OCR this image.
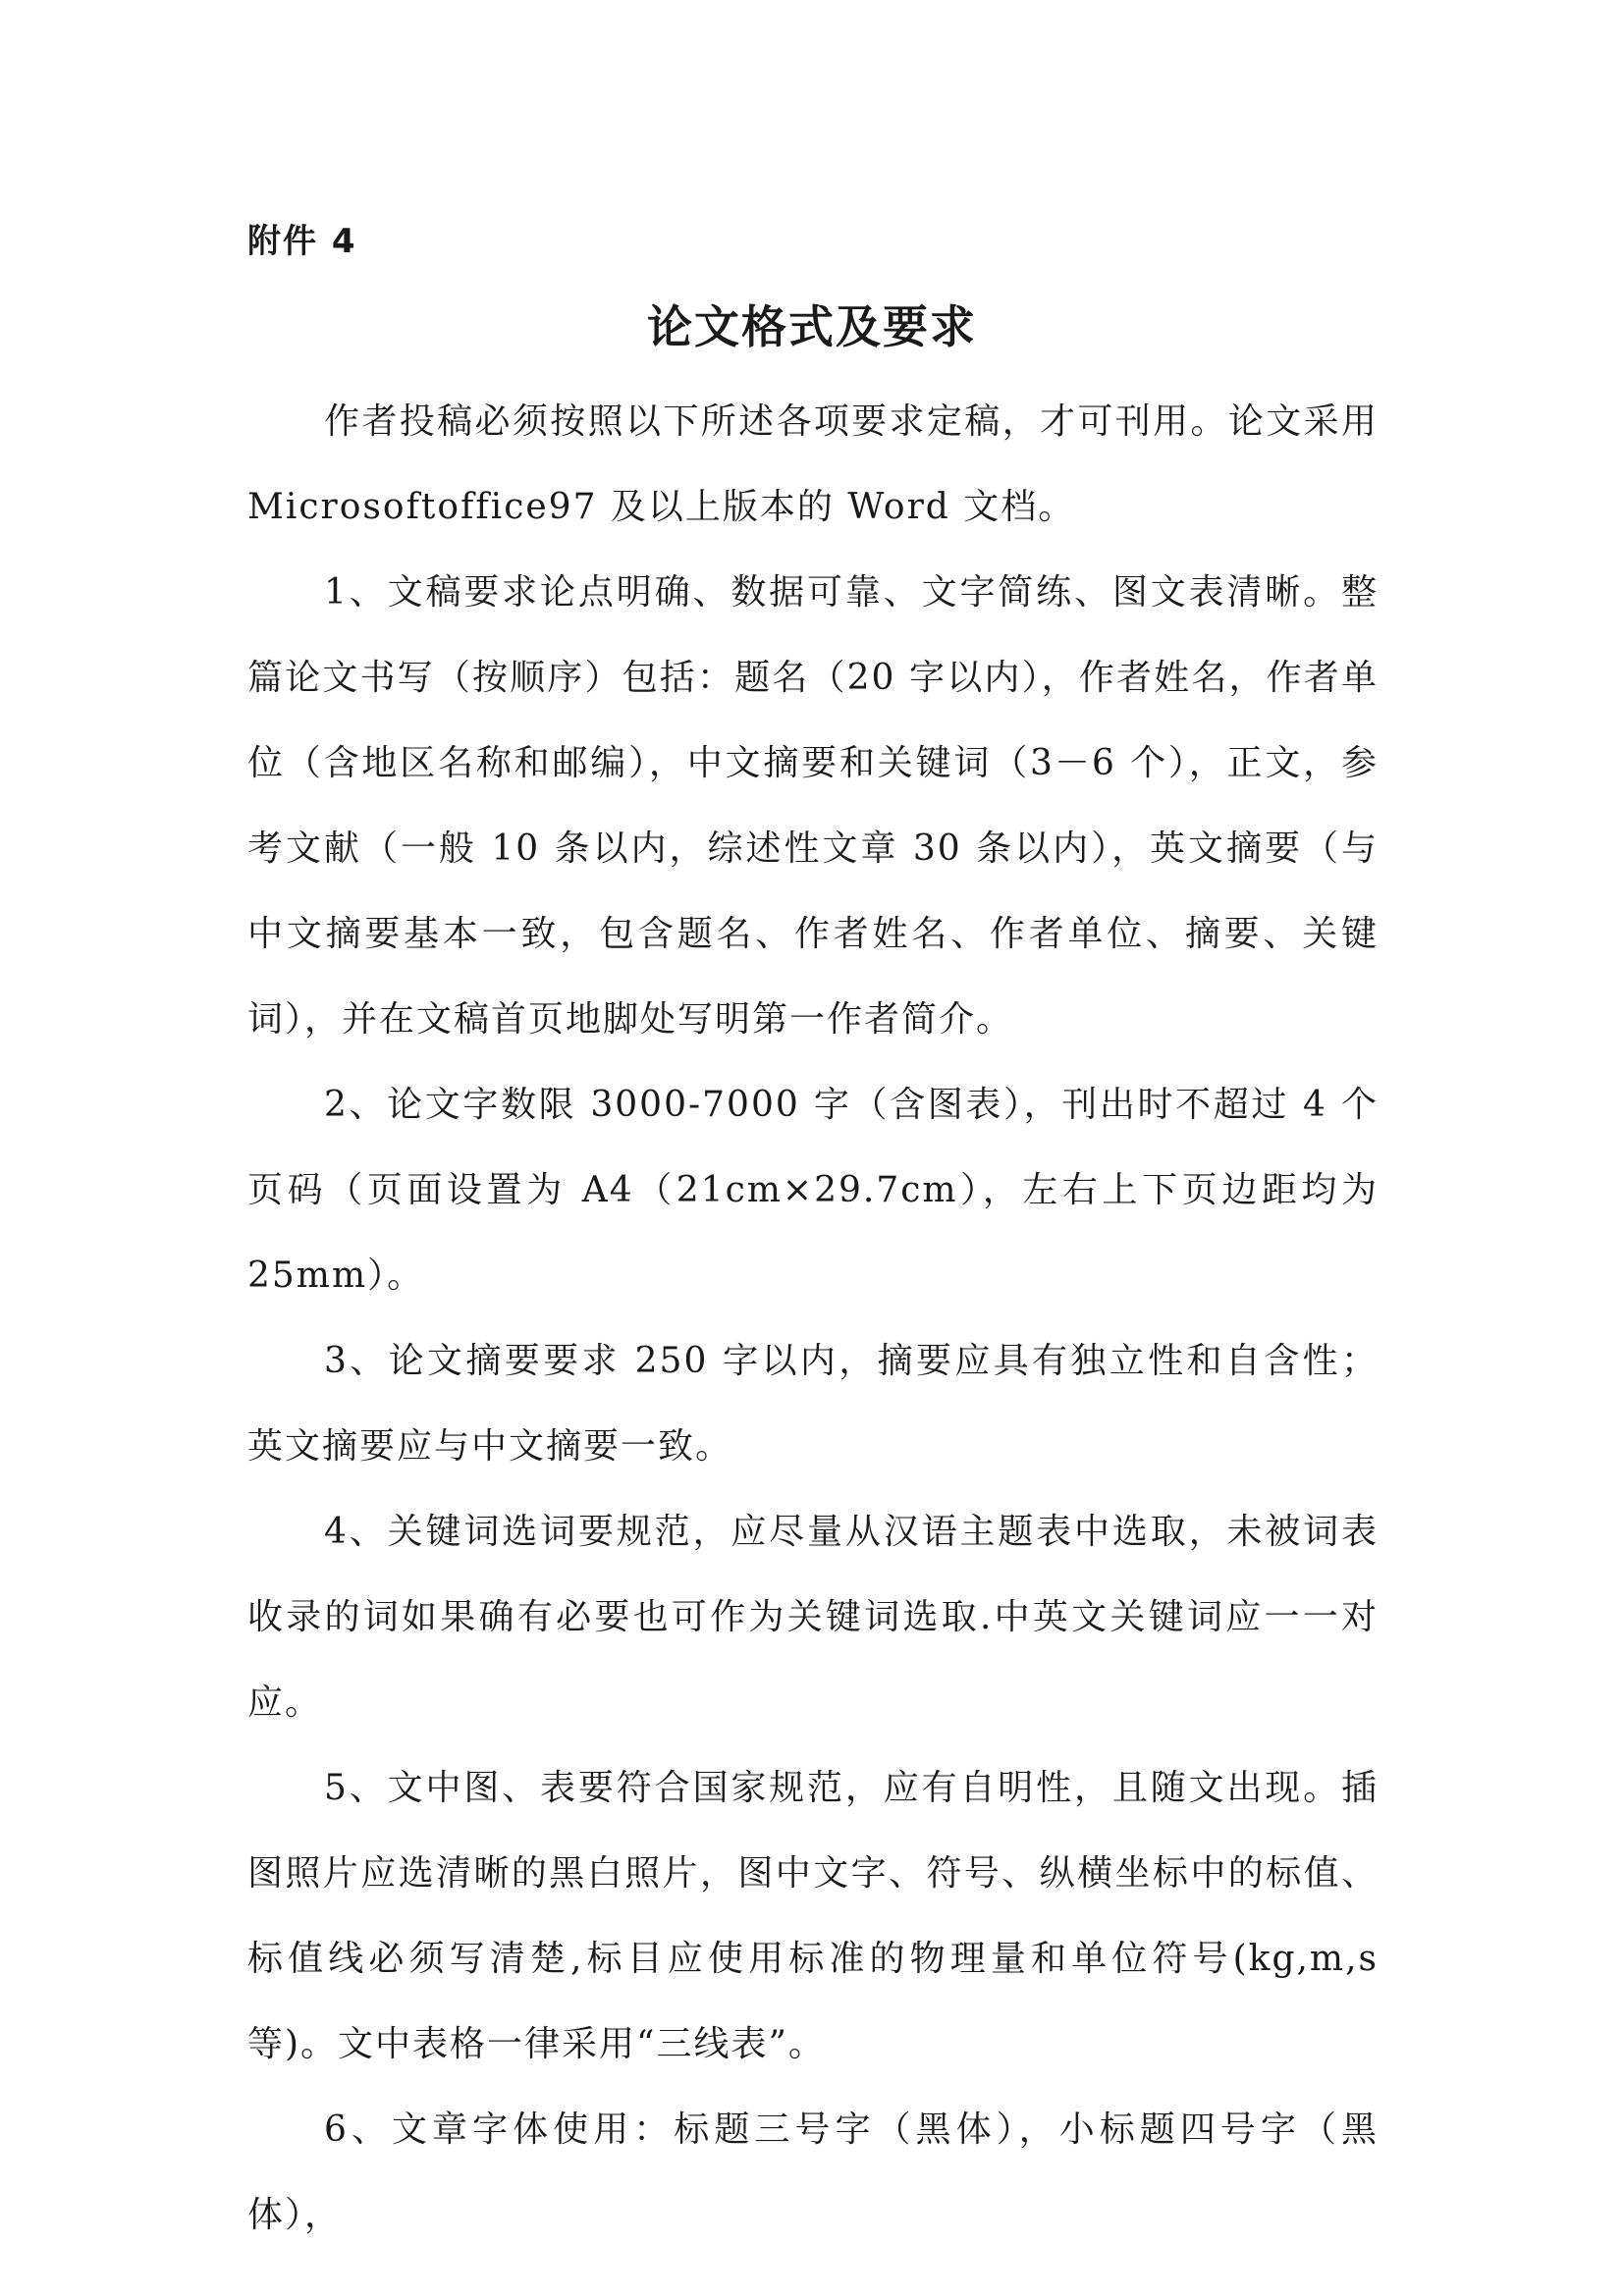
附件 4

论文格式及要求

作者投稿必须按照以下所述各项要求定稿，才可刊用。论文采用 Microsoftoffice97 及以上版本的 Word 文档。

1、文稿要求论点明确、数据可靠、文字简练、图文表清晰。整篇论文书写（按顺序）包括：题名（20 字以内），作者姓名，作者单位（含地区名称和邮编），中文摘要和关键词（3－6 个），正文，参考文献（一般 10 条以内，综述性文章 30 条以内），英文摘要（与中文摘要基本一致，包含题名、作者姓名、作者单位、摘要、关键词），并在文稿首页地脚处写明第一作者简介。

2、论文字数限 3000-7000 字（含图表），刊出时不超过 4 个页码（页面设置为 A4（21cm×29.7cm），左右上下页边距均为 25mm）。

3、论文摘要要求 250 字以内，摘要应具有独立性和自含性；英文摘要应与中文摘要一致。

4、关键词选词要规范，应尽量从汉语主题表中选取，未被词表收录的词如果确有必要也可作为关键词选取.中英文关键词应一一对应。

5、文中图、表要符合国家规范，应有自明性，且随文出现。插图照片应选清晰的黑白照片，图中文字、符号、纵横坐标中的标值、标值线必须写清楚,标目应使用标准的物理量和单位符号(kg,m,s 等)。文中表格一律采用“三线表”。

6、文章字体使用：标题三号字（黑体），小标题四号字（黑体），
